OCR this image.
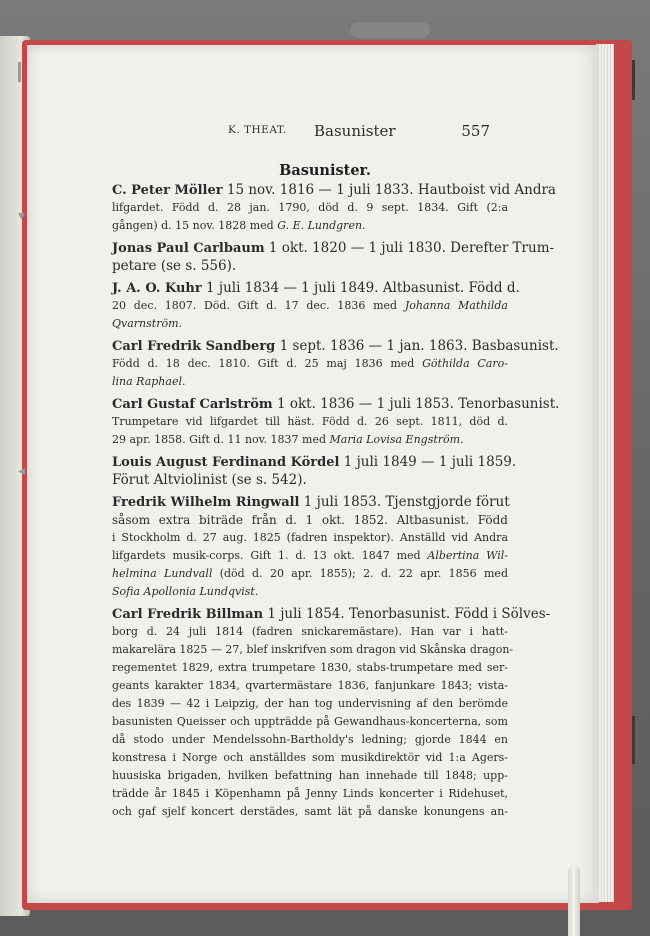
▾
◂
K. THEAT. Basunister	557
Basunister.
C. Peter Möller 15 nov. 1816 — 1 juli 1833. Hautboist vid Andra
lifgardet. Född d. 28 jan. 1790, död d. 9 sept. 1834. Gift (2:a
gången) d. 15 nov. 1828 med G. E. Lundgren.
Jonas Paul Carlbaum 1 okt. 1820 — 1 juli 1830. Derefter Trum-
petare (se s. 556).
J. A. O. Kuhr 1 juli 1834 — 1 juli 1849. Altbasunist. Född d.
20 dec. 1807. Död. Gift d. 17 dec. 1836 med Johanna Mathilda
Qvarnström.
Carl Fredrik Sandberg 1 sept. 1836 — 1 jan. 1863. Basbasunist.
Född d. 18 dec. 1810. Gift d. 25 maj 1836 med Göthilda Caro-
lina Raphael.
Carl Gustaf Carlström 1 okt. 1836 — 1 juli 1853. Tenorbasunist.
Trumpetare vid lifgardet till häst. Född d. 26 sept. 1811, död d.
29 apr. 1858. Gift d. 11 nov. 1837 med Maria Lovisa Engström.
Louis August Ferdinand Kördel 1 juli 1849 — 1 juli 1859.
Förut Altviolinist (se s. 542).
Fredrik Wilhelm Ringwall 1 juli 1853. Tjenstgjorde förut
såsom extra biträde från d. 1 okt. 1852. Altbasunist. Född
i Stockholm d. 27 aug. 1825 (fadren inspektor). Anställd vid Andra
lifgardets musik-corps. Gift 1. d. 13 okt. 1847 med Albertina Wil-
helmina Lundvall (död d. 20 apr. 1855); 2. d. 22 apr. 1856 med
Sofia Apollonia Lundqvist.
Carl Fredrik Billman 1 juli 1854. Tenorbasunist. Född i Sölves-
borg d. 24 juli 1814 (fadren snickaremästare). Han var i hatt-
makarelära 1825 — 27, blef inskrifven som dragon vid Skånska dragon-
regementet 1829, extra trumpetare 1830, stabs-trumpetare med ser-
geants karakter 1834, qvartermästare 1836, fanjunkare 1843; vista-
des 1839 — 42 i Leipzig, der han tog undervisning af den berömde
basunisten Queisser och uppträdde på Gewandhaus-koncerterna, som
då stodo under Mendelssohn-Bartholdy's ledning; gjorde 1844 en
konstresa i Norge och anställdes som musikdirektör vid 1:a Agers-
huusiska brigaden, hvilken befattning han innehade till 1848; upp-
trädde år 1845 i Köpenhamn på Jenny Linds koncerter i Ridehuset,
och gaf sjelf koncert derstädes, samt lät på danske konungens an-
